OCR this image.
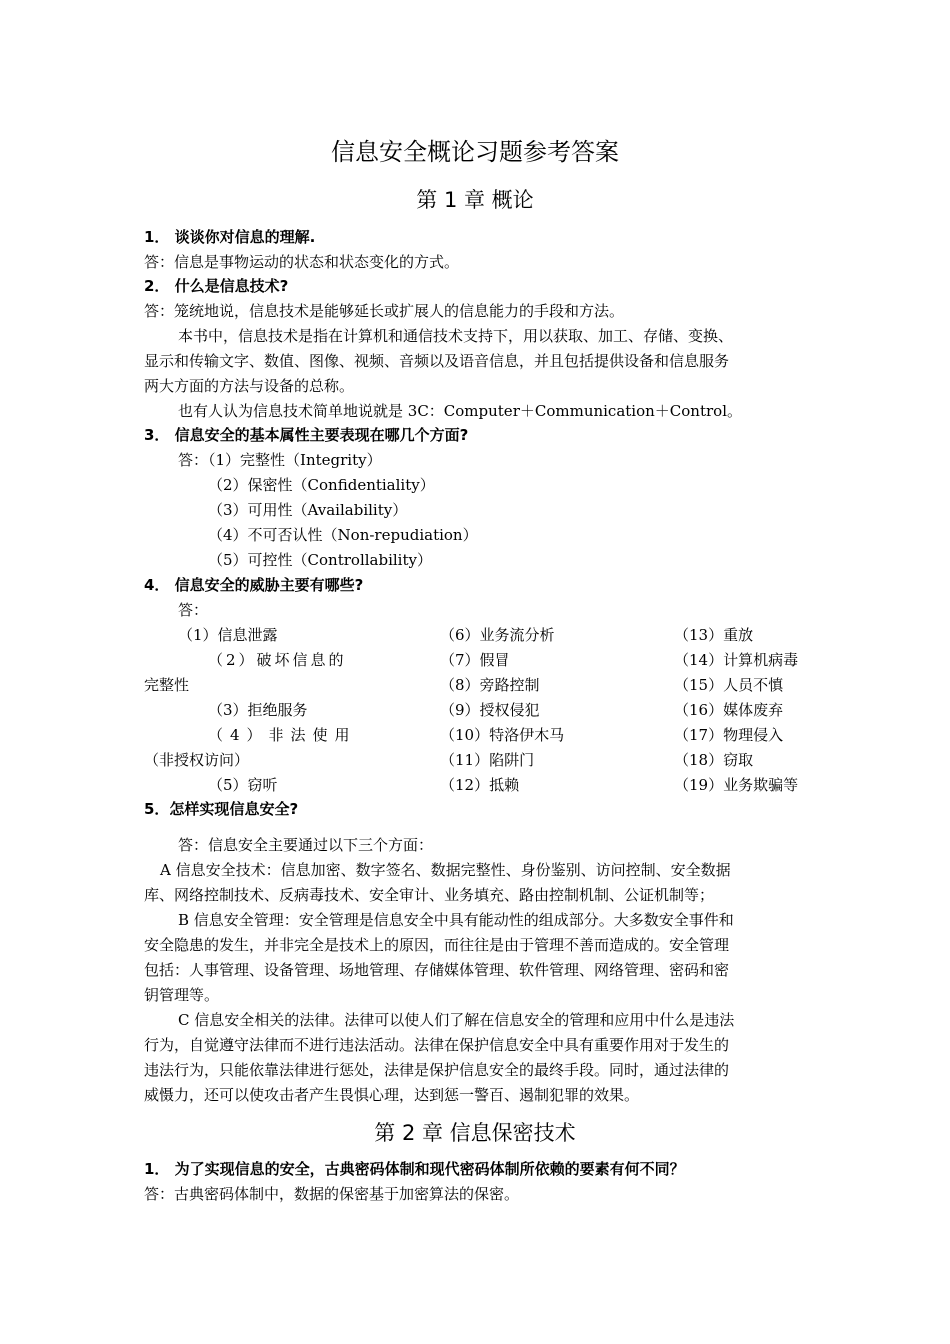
信息安全概论习题参考答案
第 1 章 概论
1． 谈谈你对信息的理解.
答：信息是事物运动的状态和状态变化的方式。
2． 什么是信息技术?
答：笼统地说，信息技术是能够延长或扩展人的信息能力的手段和方法。
本书中，信息技术是指在计算机和通信技术支持下，用以获取、加工、存储、变换、
显示和传输文字、数值、图像、视频、音频以及语音信息，并且包括提供设备和信息服务
两大方面的方法与设备的总称。
也有人认为信息技术简单地说就是 3C：Computer＋Communication＋Control。
3． 信息安全的基本属性主要表现在哪几个方面?
答：（1）完整性（Integrity）
（2）保密性（Confidentiality）
（3）可用性（Availability）
（4）不可否认性（Non-repudiation）
（5）可控性（Controllability）
4． 信息安全的威胁主要有哪些?
答：
（1）信息泄露
（2）破坏信息的
完整性
（3）拒绝服务
（4）非法使用
（非授权访问）
（5）窃听
（6）业务流分析
（7）假冒
（8）旁路控制
（9）授权侵犯
（10）特洛伊木马
（11）陷阱门
（12）抵赖
（13）重放
（14）计算机病毒
（15）人员不慎
（16）媒体废弃
（17）物理侵入
（18）窃取
（19）业务欺骗等
5．怎样实现信息安全?
答：信息安全主要通过以下三个方面：
A 信息安全技术：信息加密、数字签名、数据完整性、身份鉴别、访问控制、安全数据
库、网络控制技术、反病毒技术、安全审计、业务填充、路由控制机制、公证机制等；
B 信息安全管理：安全管理是信息安全中具有能动性的组成部分。大多数安全事件和
安全隐患的发生，并非完全是技术上的原因，而往往是由于管理不善而造成的。安全管理
包括：人事管理、设备管理、场地管理、存储媒体管理、软件管理、网络管理、密码和密
钥管理等。
C 信息安全相关的法律。法律可以使人们了解在信息安全的管理和应用中什么是违法
行为，自觉遵守法律而不进行违法活动。法律在保护信息安全中具有重要作用对于发生的
违法行为，只能依靠法律进行惩处，法律是保护信息安全的最终手段。同时，通过法律的
威慑力，还可以使攻击者产生畏惧心理，达到惩一警百、遏制犯罪的效果。
第 2 章 信息保密技术
1． 为了实现信息的安全，古典密码体制和现代密码体制所依赖的要素有何不同？
答：古典密码体制中，数据的保密基于加密算法的保密。
